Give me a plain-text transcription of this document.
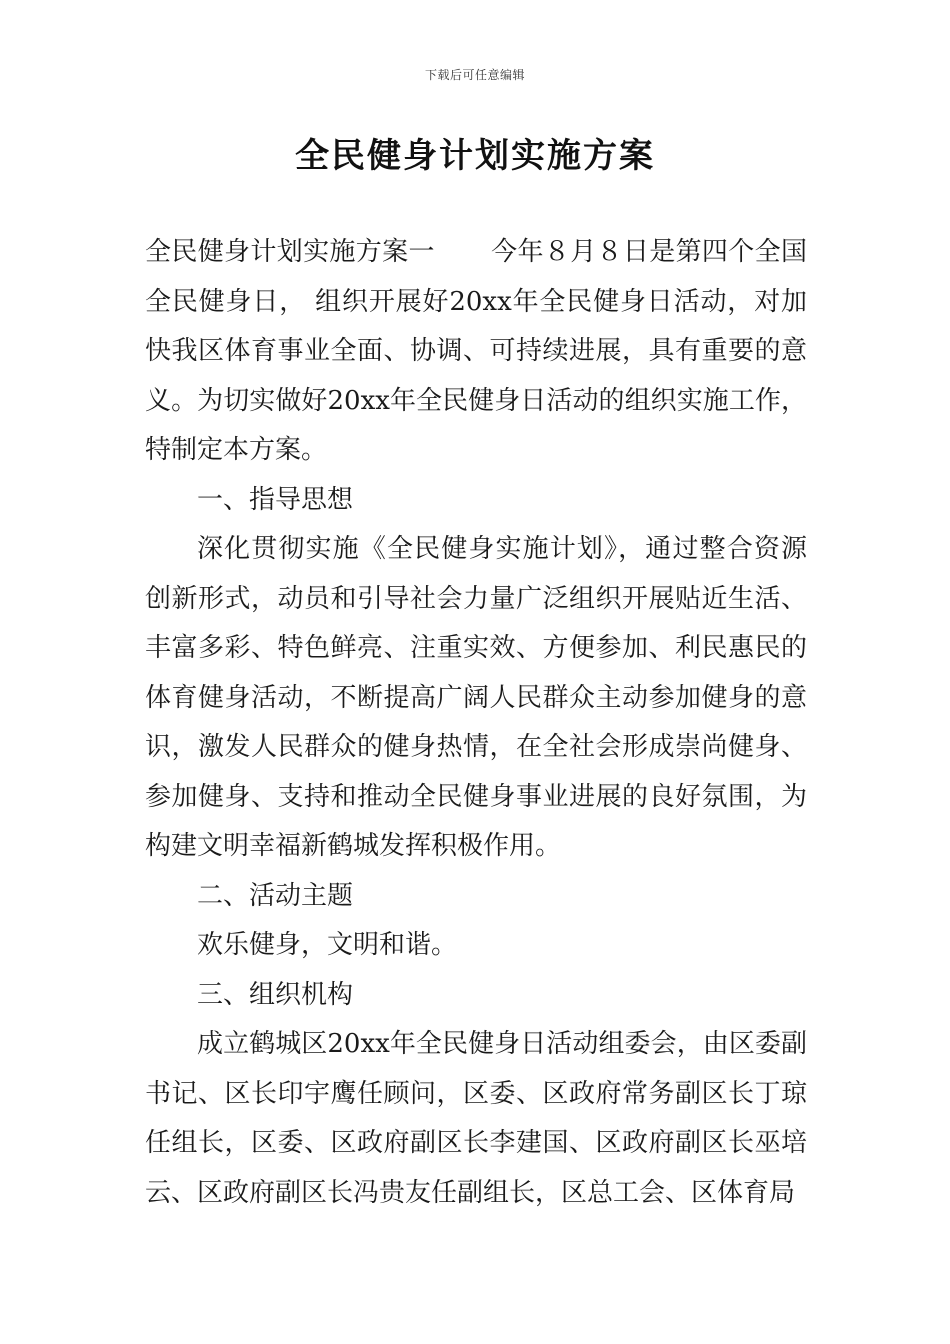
下载后可任意编辑
全民健身计划实施方案

全民健身计划实施方案一 今年８月８日是第四个全国全民健身日， 组织开展好20xx年全民健身日活动，对加快我区体育事业全面、协调、可持续进展，具有重要的意义。为切实做好20xx年全民健身日活动的组织实施工作，特制定本方案。

一、指导思想

深化贯彻实施《全民健身实施计划》，通过整合资源创新形式，动员和引导社会力量广泛组织开展贴近生活、丰富多彩、特色鲜亮、注重实效、方便参加、利民惠民的体育健身活动，不断提高广阔人民群众主动参加健身的意识，激发人民群众的健身热情，在全社会形成崇尚健身、参加健身、支持和推动全民健身事业进展的良好氛围，为构建文明幸福新鹤城发挥积极作用。

二、活动主题

欢乐健身，文明和谐。

三、组织机构

成立鹤城区20xx年全民健身日活动组委会，由区委副书记、区长印宇鹰任顾问，区委、区政府常务副区长丁琼任组长，区委、区政府副区长李建国、区政府副区长巫培云、区政府副区长冯贵友任副组长，区总工会、区体育局
